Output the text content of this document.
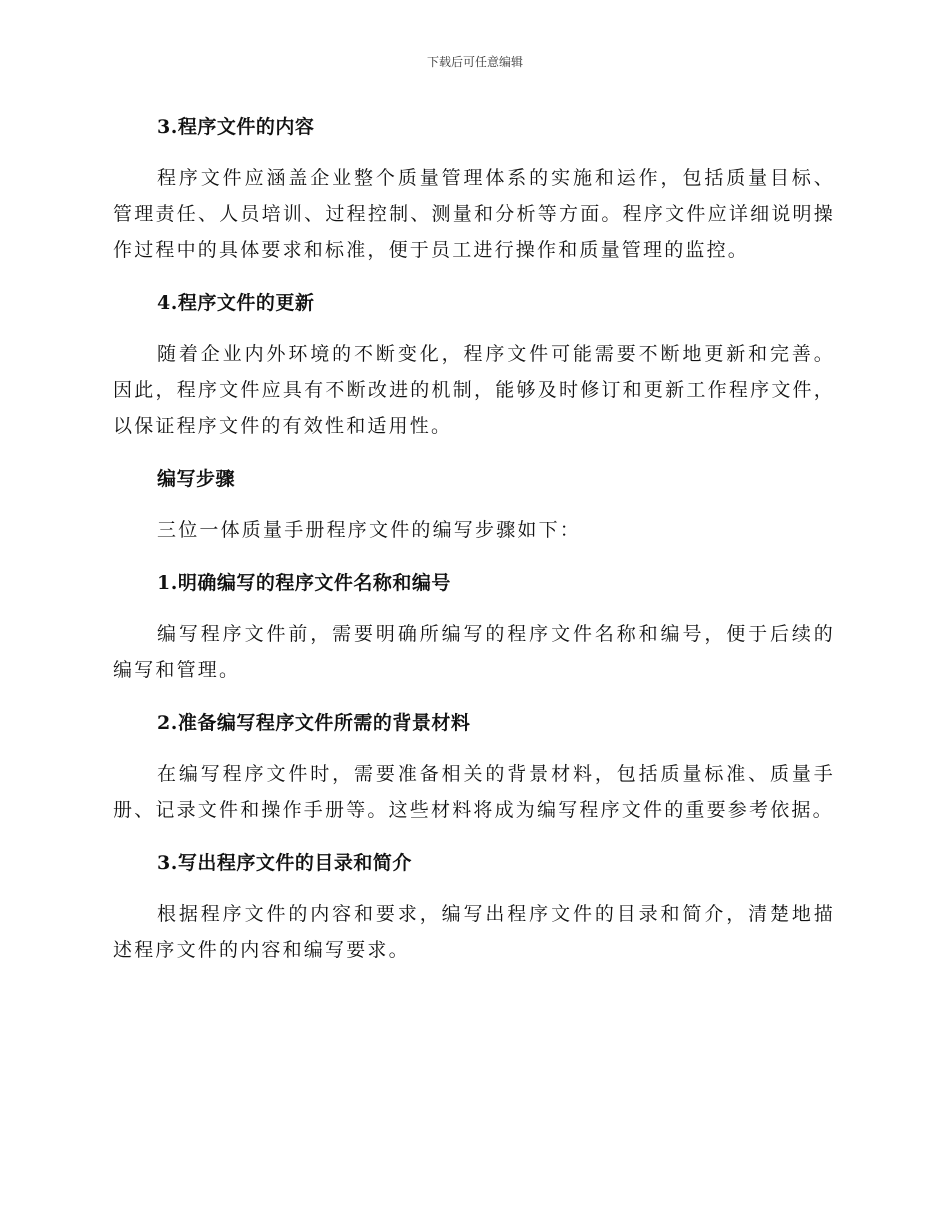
下载后可任意编辑
3.程序文件的内容

程序文件应涵盖企业整个质量管理体系的实施和运作，包括质量目标、管理责任、人员培训、过程控制、测量和分析等方面。程序文件应详细说明操作过程中的具体要求和标准，便于员工进行操作和质量管理的监控。

4.程序文件的更新

随着企业内外环境的不断变化，程序文件可能需要不断地更新和完善。因此，程序文件应具有不断改进的机制，能够及时修订和更新工作程序文件，以保证程序文件的有效性和适用性。

编写步骤

三位一体质量手册程序文件的编写步骤如下：

1.明确编写的程序文件名称和编号

编写程序文件前，需要明确所编写的程序文件名称和编号，便于后续的编写和管理。

2.准备编写程序文件所需的背景材料

在编写程序文件时，需要准备相关的背景材料，包括质量标准、质量手册、记录文件和操作手册等。这些材料将成为编写程序文件的重要参考依据。

3.写出程序文件的目录和简介

根据程序文件的内容和要求，编写出程序文件的目录和简介，清楚地描述程序文件的内容和编写要求。
